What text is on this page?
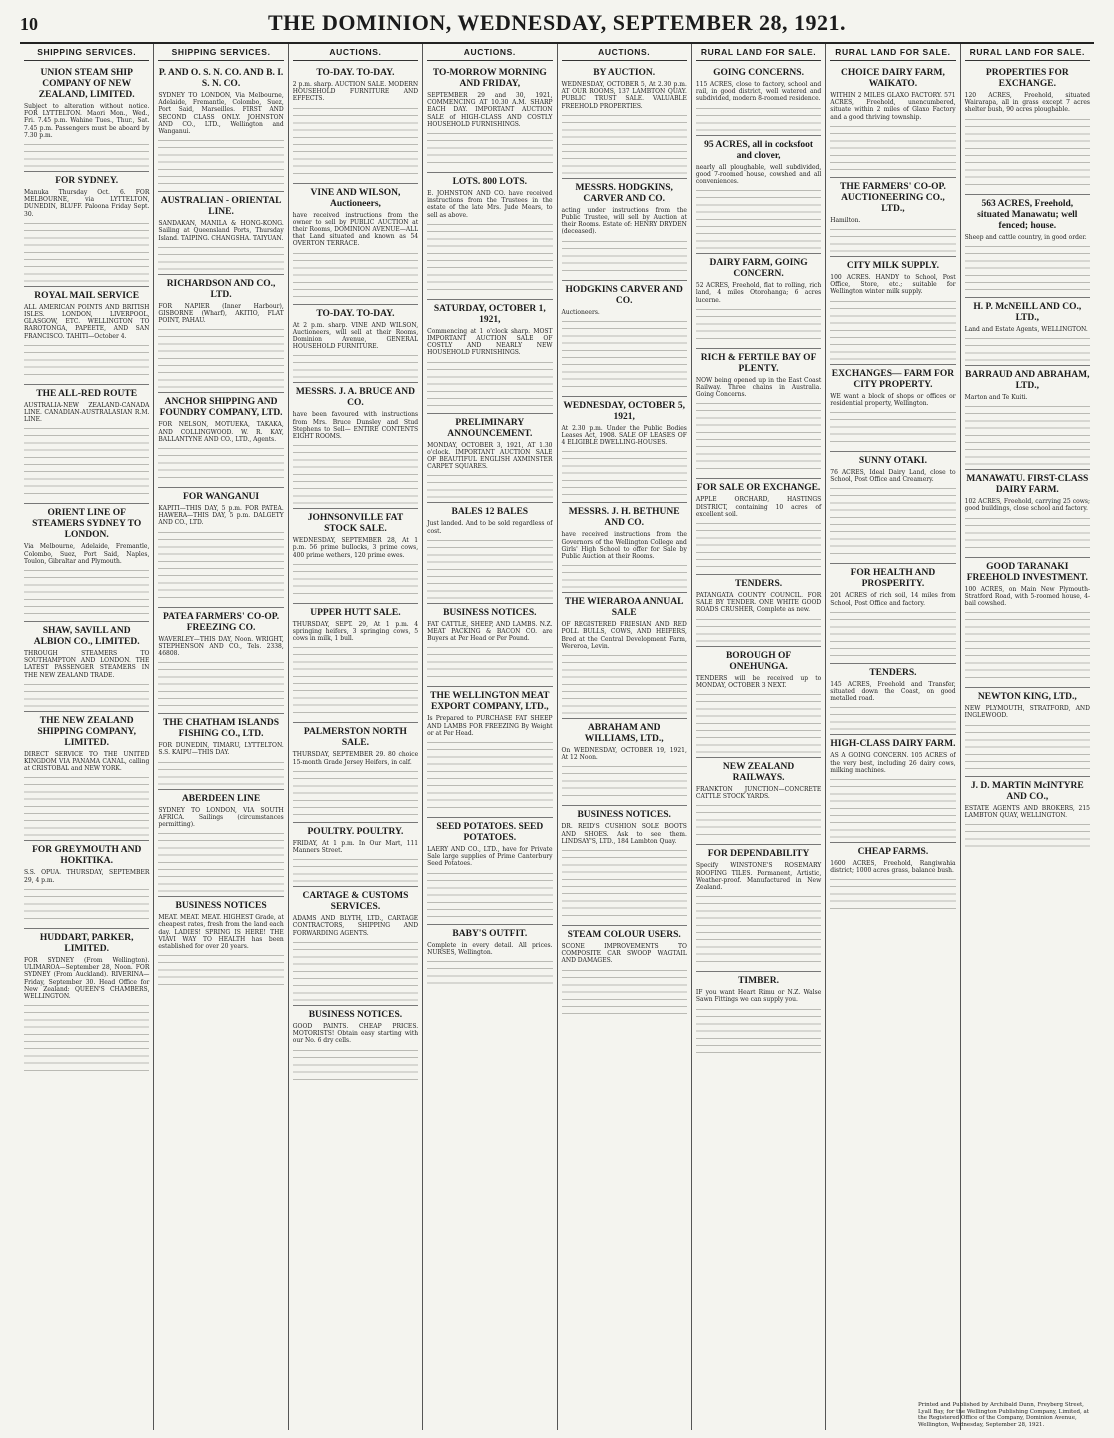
10	THE DOMINION, WEDNESDAY, SEPTEMBER 28, 1921.
SHIPPING SERVICES.
UNION STEAM SHIP COMPANY OF NEW ZEALAND, LIMITED.
Subject to alteration without notice. FOR LYTTELTON. Maori Mon., Wed., Fri. 7.45 p.m. Wahine Tues., Thur., Sat. 7.45 p.m. Passengers must be aboard by 7.30 p.m.
FOR SYDNEY.
Manuka Thursday Oct. 6. FOR MELBOURNE, via LYTTELTON, DUNEDIN, BLUFF. Paloona Friday Sept. 30.
ROYAL MAIL SERVICE
ALL AMERICAN POINTS AND BRITISH ISLES. LONDON, LIVERPOOL, GLASGOW, ETC. WELLINGTON TO RAROTONGA, PAPEETE, AND SAN FRANCISCO. TAHITI—October 4.
THE ALL-RED ROUTE
AUSTRALIA-NEW ZEALAND-CANADA LINE. CANADIAN-AUSTRALASIAN R.M. LINE.
ORIENT LINE OF STEAMERS SYDNEY TO LONDON.
Via Melbourne, Adelaide, Fremantle, Colombo, Suez, Port Said, Naples, Toulon, Gibraltar and Plymouth.
SHAW, SAVILL AND ALBION CO., LIMITED.
THROUGH STEAMERS TO SOUTHAMPTON AND LONDON. THE LATEST PASSENGER STEAMERS IN THE NEW ZEALAND TRADE.
THE NEW ZEALAND SHIPPING COMPANY, LIMITED.
DIRECT SERVICE TO THE UNITED KINGDOM VIA PANAMA CANAL, calling at CRISTOBAL and NEW YORK.
FOR GREYMOUTH AND HOKITIKA.
S.S. OPUA. THURSDAY, SEPTEMBER 29, 4 p.m.
HUDDART, PARKER, LIMITED.
FOR SYDNEY (From Wellington). ULIMAROA—September 28, Noon. FOR SYDNEY (From Auckland). RIVERINA—Friday, September 30. Head Office for New Zealand: QUEEN'S CHAMBERS, WELLINGTON.
SHIPPING SERVICES.
P. AND O. S. N. CO. AND B. I. S. N. CO.
SYDNEY TO LONDON, Via Melbourne, Adelaide, Fremantle, Colombo, Suez, Port Said, Marseilles. FIRST AND SECOND CLASS ONLY. JOHNSTON AND CO., LTD., Wellington and Wanganui.
AUSTRALIAN - ORIENTAL LINE.
SANDAKAN, MANILA & HONG-KONG. Sailing at Queensland Ports, Thursday Island. TAIPING. CHANGSHA. TAIYUAN.
RICHARDSON AND CO., LTD.
FOR NAPIER (Inner Harbour), GISBORNE (Wharf), AKITIO, FLAT POINT, PAHAU.
ANCHOR SHIPPING AND FOUNDRY COMPANY, LTD.
FOR NELSON, MOTUEKA, TAKAKA, AND COLLINGWOOD. W. R. KAY, BALLANTYNE AND CO., LTD., Agents.
FOR WANGANUI
KAPITI—THIS DAY, 5 p.m. FOR PATEA. HAWERA—THIS DAY, 5 p.m. DALGETY AND CO., LTD.
PATEA FARMERS' CO-OP. FREEZING CO.
WAVERLEY—THIS DAY, Noon. WRIGHT, STEPHENSON AND CO., Tels. 2338, 46808.
THE CHATHAM ISLANDS FISHING CO., LTD.
FOR DUNEDIN, TIMARU, LYTTELTON. S.S. KAIPU—THIS DAY.
ABERDEEN LINE
SYDNEY TO LONDON, VIA SOUTH AFRICA. Sailings (circumstances permitting).
BUSINESS NOTICES
MEAT. MEAT. MEAT. HIGHEST Grade, at cheapest rates, fresh from the land each day. LADIES! SPRING IS HERE! THE VIAVI WAY TO HEALTH has been established for over 20 years.
AUCTIONS.
TO-DAY. TO-DAY.
2 p.m. sharp. AUCTION SALE. MODERN HOUSEHOLD FURNITURE AND EFFECTS.
VINE AND WILSON, Auctioneers,
have received instructions from the owner to sell by PUBLIC AUCTION at their Rooms, DOMINION AVENUE—ALL that Land situated and known as 54 OVERTON TERRACE.
TO-DAY. TO-DAY.
At 2 p.m. sharp. VINE AND WILSON, Auctioneers, will sell at their Rooms, Dominion Avenue, GENERAL HOUSEHOLD FURNITURE.
MESSRS. J. A. BRUCE AND CO.
have been favoured with instructions from Mrs. Bruce Dunsley and Stud Stephens to Sell— ENTIRE CONTENTS EIGHT ROOMS.
JOHNSONVILLE FAT STOCK SALE.
WEDNESDAY, SEPTEMBER 28, At 1 p.m. 56 prime bullocks, 3 prime cows, 400 prime wethers, 120 prime ewes.
UPPER HUTT SALE.
THURSDAY, SEPT. 29, At 1 p.m. 4 springing heifers, 3 springing cows, 5 cows in milk, 1 bull.
PALMERSTON NORTH SALE.
THURSDAY, SEPTEMBER 29. 80 choice 15-month Grade Jersey Heifers, in calf.
POULTRY. POULTRY.
FRIDAY, At 1 p.m. In Our Mart, 111 Manners Street.
CARTAGE & CUSTOMS SERVICES.
ADAMS AND BLYTH, LTD., CARTAGE CONTRACTORS, SHIPPING AND FORWARDING AGENTS.
BUSINESS NOTICES.
GOOD PAINTS. CHEAP PRICES. MOTORISTS! Obtain easy starting with our No. 6 dry cells.
AUCTIONS.
TO-MORROW MORNING AND FRIDAY,
SEPTEMBER 29 and 30, 1921, COMMENCING AT 10.30 A.M. SHARP EACH DAY. IMPORTANT AUCTION SALE of HIGH-CLASS AND COSTLY HOUSEHOLD FURNISHINGS.
LOTS. 800 LOTS.
E. JOHNSTON AND CO. have received instructions from the Trustees in the estate of the late Mrs. Jude Mears, to sell as above.
SATURDAY, OCTOBER 1, 1921,
Commencing at 1 o'clock sharp. MOST IMPORTANT AUCTION SALE OF COSTLY AND NEARLY NEW HOUSEHOLD FURNISHINGS.
PRELIMINARY ANNOUNCEMENT.
MONDAY, OCTOBER 3, 1921, AT 1.30 o'clock. IMPORTANT AUCTION SALE OF BEAUTIFUL ENGLISH AXMINSTER CARPET SQUARES.
BALES 12 BALES
Just landed. And to be sold regardless of cost.
BUSINESS NOTICES.
FAT CATTLE, SHEEP, AND LAMBS. N.Z. MEAT PACKING & BACON CO. are Buyers at Per Head or Per Pound.
THE WELLINGTON MEAT EXPORT COMPANY, LTD.,
Is Prepared to PURCHASE FAT SHEEP AND LAMBS FOR FREEZING By Weight or at Per Head.
SEED POTATOES. SEED POTATOES.
LAERY AND CO., LTD., have for Private Sale large supplies of Prime Canterbury Seed Potatoes.
BABY'S OUTFIT.
Complete in every detail. All prices. NURSES, Wellington.
AUCTIONS.
BY AUCTION.
WEDNESDAY, OCTOBER 5, At 2.30 p.m. AT OUR ROOMS, 137 LAMBTON QUAY. PUBLIC TRUST SALE. VALUABLE FREEHOLD PROPERTIES.
MESSRS. HODGKINS, CARVER AND CO.
acting under instructions from the Public Trustee, will sell by Auction at their Rooms. Estate of: HENRY DRYDEN (deceased).
HODGKINS CARVER AND CO.
Auctioneers.
WEDNESDAY, OCTOBER 5, 1921,
At 2.30 p.m. Under the Public Bodies Leases Act, 1908. SALE OF LEASES OF 4 ELIGIBLE DWELLING-HOUSES.
MESSRS. J. H. BETHUNE AND CO.
have received instructions from the Governors of the Wellington College and Girls' High School to offer for Sale by Public Auction at their Rooms.
THE WIERAROA ANNUAL SALE
OF REGISTERED FRIESIAN AND RED POLL BULLS, COWS, AND HEIFERS, Bred at the Central Development Farm, Wereroa, Levin.
ABRAHAM AND WILLIAMS, LTD.,
On WEDNESDAY, OCTOBER 19, 1921, At 12 Noon.
BUSINESS NOTICES.
DR. REID'S CUSHION SOLE BOOTS AND SHOES. Ask to see them. LINDSAY'S, LTD., 184 Lambton Quay.
STEAM COLOUR USERS.
SCONE IMPROVEMENTS TO COMPOSITE CAR SWOOP WAGTAIL AND DAMAGES.
RURAL LAND FOR SALE.
GOING CONCERNS.
115 ACRES, close to factory, school and rail, in good district, well watered and subdivided, modern 8-roomed residence.
95 ACRES, all in cocksfoot and clover,
nearly all ploughable, well subdivided, good 7-roomed house, cowshed and all conveniences.
DAIRY FARM, GOING CONCERN.
52 ACRES, Freehold, flat to rolling, rich land, 4 miles Otorohanga; 6 acres lucerne.
RICH & FERTILE BAY OF PLENTY.
NOW being opened up in the East Coast Railway. Three chains in Australia. Going Concerns.
FOR SALE OR EXCHANGE.
APPLE ORCHARD, HASTINGS DISTRICT, containing 10 acres of excellent soil.
TENDERS.
PATANGATA COUNTY COUNCIL. FOR SALE BY TENDER. ONE WHITE GOOD ROADS CRUSHER, Complete as new.
BOROUGH OF ONEHUNGA.
TENDERS will be received up to MONDAY, OCTOBER 3 NEXT.
NEW ZEALAND RAILWAYS.
FRANKTON JUNCTION—CONCRETE CATTLE STOCK YARDS.
FOR DEPENDABILITY
Specify WINSTONE'S ROSEMARY ROOFING TILES. Permanent, Artistic, Weather-proof. Manufactured in New Zealand.
TIMBER.
IF you want Heart Rimu or N.Z. Walse Sawn Fittings we can supply you.
RURAL LAND FOR SALE.
CHOICE DAIRY FARM, WAIKATO.
WITHIN 2 MILES GLAXO FACTORY. 571 ACRES, Freehold, unencumbered, situate within 2 miles of Glaxo Factory and a good thriving township.
THE FARMERS' CO-OP. AUCTIONEERING CO., LTD.,
Hamilton.
CITY MILK SUPPLY.
100 ACRES. HANDY to School, Post Office, Store, etc.; suitable for Wellington winter milk supply.
EXCHANGES— FARM FOR CITY PROPERTY.
WE want a block of shops or offices or residential property, Wellington.
SUNNY OTAKI.
76 ACRES, Ideal Dairy Land, close to School, Post Office and Creamery.
FOR HEALTH AND PROSPERITY.
201 ACRES of rich soil, 14 miles from School, Post Office and factory.
TENDERS.
145 ACRES, Freehold and Transfer, situated down the Coast, on good metalled road.
HIGH-CLASS DAIRY FARM.
AS A GOING CONCERN. 105 ACRES of the very best, including 26 dairy cows, milking machines.
CHEAP FARMS.
1600 ACRES, Freehold, Rangiwahia district; 1000 acres grass, balance bush.
RURAL LAND FOR SALE.
PROPERTIES FOR EXCHANGE.
120 ACRES, Freehold, situated Wairarapa, all in grass except 7 acres shelter bush, 90 acres ploughable.
563 ACRES, Freehold, situated Manawatu; well fenced; house.
Sheep and cattle country, in good order.
H. P. McNEILL AND CO., LTD.,
Land and Estate Agents, WELLINGTON.
BARRAUD AND ABRAHAM, LTD.,
Marton and Te Kuiti.
MANAWATU. FIRST-CLASS DAIRY FARM.
102 ACRES, Freehold, carrying 25 cows; good buildings, close school and factory.
GOOD TARANAKI FREEHOLD INVESTMENT.
100 ACRES, on Main New Plymouth-Stratford Road, with 5-roomed house, 4-bail cowshed.
NEWTON KING, LTD.,
NEW PLYMOUTH, STRATFORD, AND INGLEWOOD.
J. D. MARTIN McINTYRE AND CO.,
ESTATE AGENTS AND BROKERS, 215 LAMBTON QUAY, WELLINGTON.
Printed and Published by Archibald Dunn, Freyberg Street, Lyall Bay, for the Wellington Publishing Company, Limited, at the Registered Office of the Company, Dominion Avenue, Wellington, Wednesday, September 28, 1921.
